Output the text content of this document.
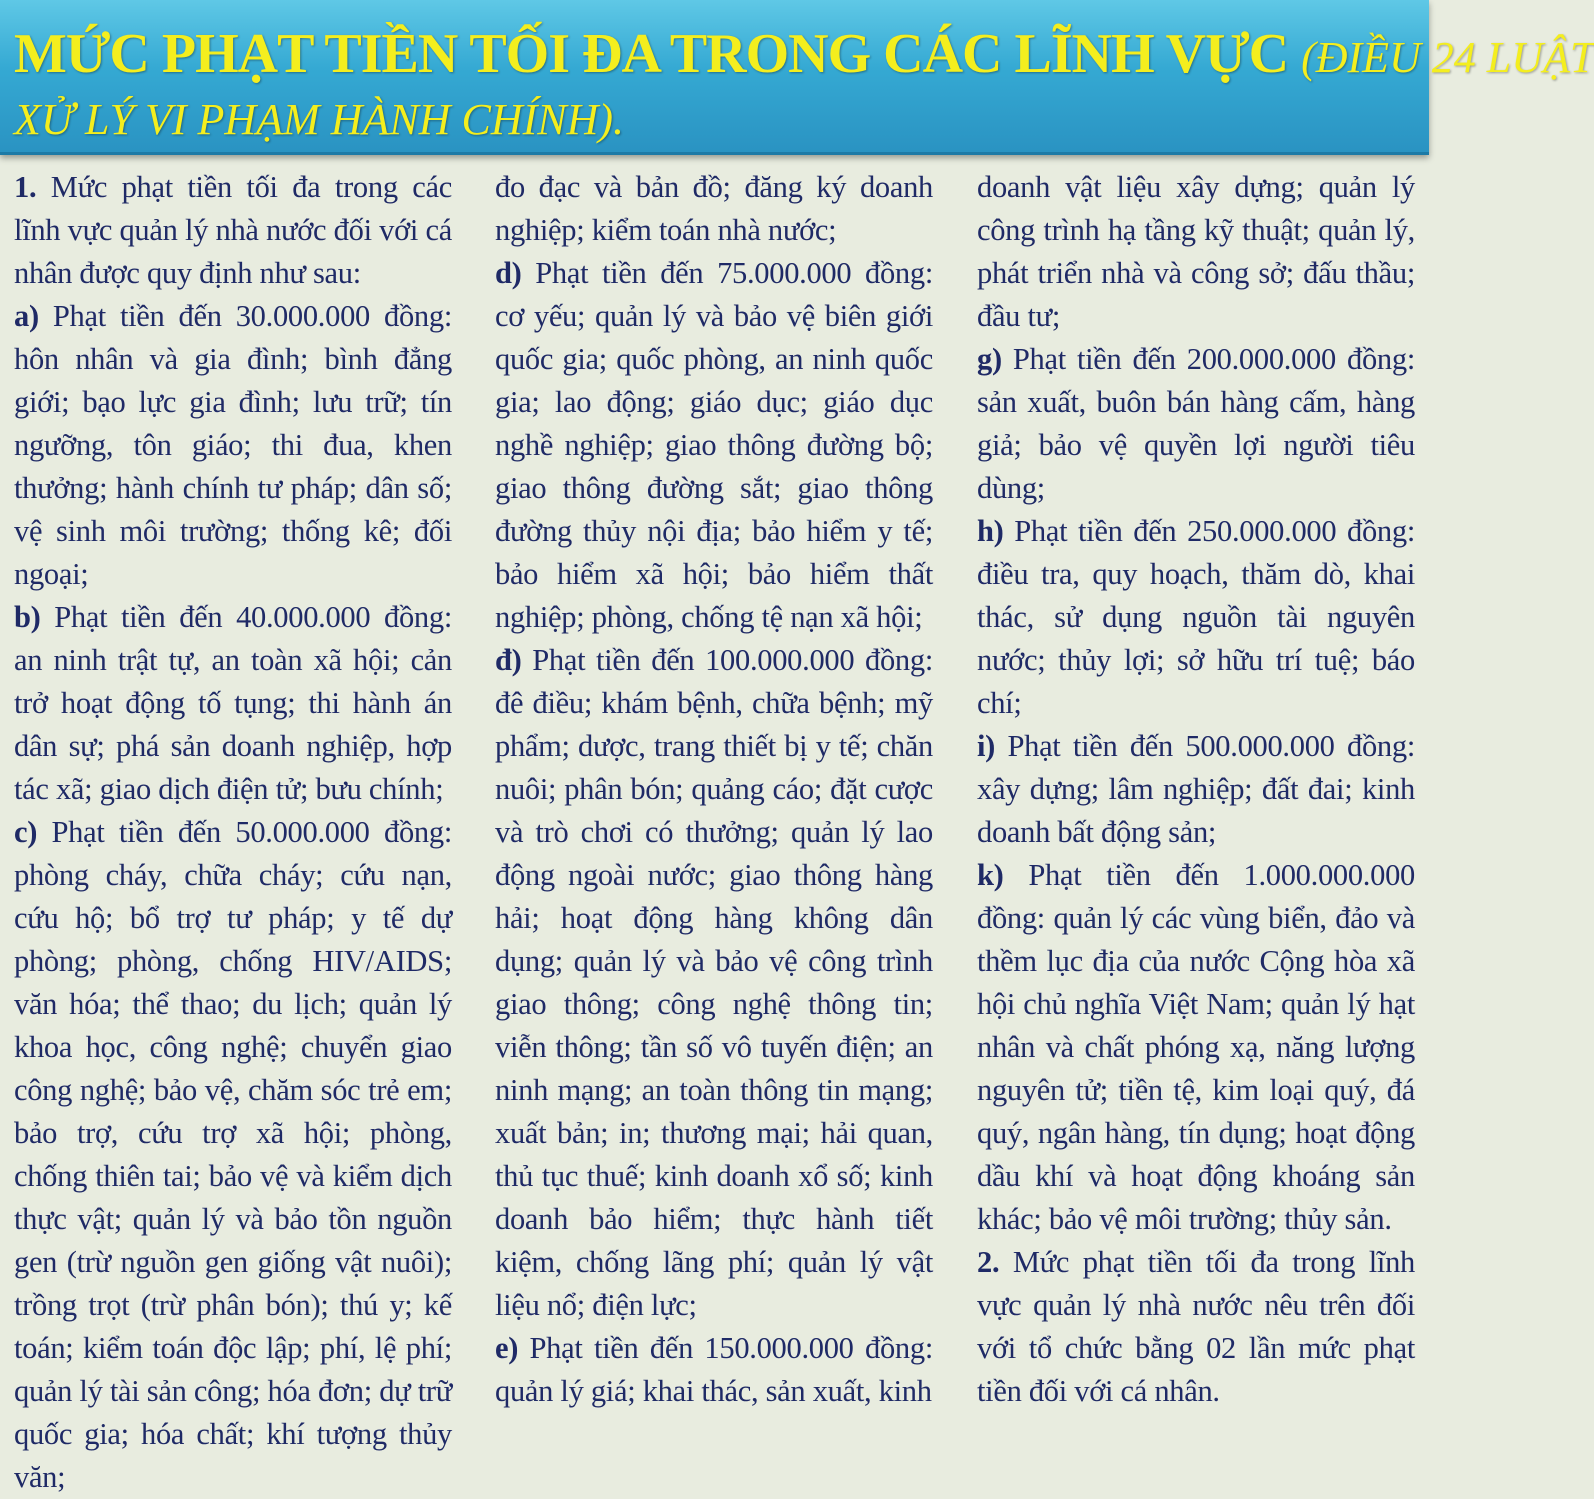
MỨC PHẠT TIỀN TỐI ĐA TRONG CÁC LĨNH VỰC (ĐIỀU 24 LUẬT
XỬ LÝ VI PHẠM HÀNH CHÍNH).

1. Mức phạt tiền tối đa trong các lĩnh vực quản lý nhà nước đối với cá nhân được quy định như sau:

a) Phạt tiền đến 30.000.000 đồng: hôn nhân và gia đình; bình đẳng giới; bạo lực gia đình; lưu trữ; tín ngưỡng, tôn giáo; thi đua, khen thưởng; hành chính tư pháp; dân số; vệ sinh môi trường; thống kê; đối ngoại;

b) Phạt tiền đến 40.000.000 đồng: an ninh trật tự, an toàn xã hội; cản trở hoạt động tố tụng; thi hành án dân sự; phá sản doanh nghiệp, hợp tác xã; giao dịch điện tử; bưu chính;

c) Phạt tiền đến 50.000.000 đồng: phòng cháy, chữa cháy; cứu nạn, cứu hộ; bổ trợ tư pháp; y tế dự phòng; phòng, chống HIV/AIDS; văn hóa; thể thao; du lịch; quản lý khoa học, công nghệ; chuyển giao công nghệ; bảo vệ, chăm sóc trẻ em; bảo trợ, cứu trợ xã hội; phòng, chống thiên tai; bảo vệ và kiểm dịch thực vật; quản lý và bảo tồn nguồn gen (trừ nguồn gen giống vật nuôi); trồng trọt (trừ phân bón); thú y; kế toán; kiểm toán độc lập; phí, lệ phí; quản lý tài sản công; hóa đơn; dự trữ quốc gia; hóa chất; khí tượng thủy văn;

đo đạc và bản đồ; đăng ký doanh nghiệp; kiểm toán nhà nước;

d) Phạt tiền đến 75.000.000 đồng: cơ yếu; quản lý và bảo vệ biên giới quốc gia; quốc phòng, an ninh quốc gia; lao động; giáo dục; giáo dục nghề nghiệp; giao thông đường bộ; giao thông đường sắt; giao thông đường thủy nội địa; bảo hiểm y tế; bảo hiểm xã hội; bảo hiểm thất nghiệp; phòng, chống tệ nạn xã hội;

đ) Phạt tiền đến 100.000.000 đồng: đê điều; khám bệnh, chữa bệnh; mỹ phẩm; dược, trang thiết bị y tế; chăn nuôi; phân bón; quảng cáo; đặt cược và trò chơi có thưởng; quản lý lao động ngoài nước; giao thông hàng hải; hoạt động hàng không dân dụng; quản lý và bảo vệ công trình giao thông; công nghệ thông tin; viễn thông; tần số vô tuyến điện; an ninh mạng; an toàn thông tin mạng; xuất bản; in; thương mại; hải quan, thủ tục thuế; kinh doanh xổ số; kinh doanh bảo hiểm; thực hành tiết kiệm, chống lãng phí; quản lý vật liệu nổ; điện lực;

e) Phạt tiền đến 150.000.000 đồng: quản lý giá; khai thác, sản xuất, kinh

doanh vật liệu xây dựng; quản lý công trình hạ tầng kỹ thuật; quản lý, phát triển nhà và công sở; đấu thầu; đầu tư;

g) Phạt tiền đến 200.000.000 đồng: sản xuất, buôn bán hàng cấm, hàng giả; bảo vệ quyền lợi người tiêu dùng;

h) Phạt tiền đến 250.000.000 đồng: điều tra, quy hoạch, thăm dò, khai thác, sử dụng nguồn tài nguyên nước; thủy lợi; sở hữu trí tuệ; báo chí;

i) Phạt tiền đến 500.000.000 đồng: xây dựng; lâm nghiệp; đất đai; kinh doanh bất động sản;

k) Phạt tiền đến 1.000.000.000 đồng: quản lý các vùng biển, đảo và thềm lục địa của nước Cộng hòa xã hội chủ nghĩa Việt Nam; quản lý hạt nhân và chất phóng xạ, năng lượng nguyên tử; tiền tệ, kim loại quý, đá quý, ngân hàng, tín dụng; hoạt động dầu khí và hoạt động khoáng sản khác; bảo vệ môi trường; thủy sản.

2. Mức phạt tiền tối đa trong lĩnh vực quản lý nhà nước nêu trên đối với tổ chức bằng 02 lần mức phạt tiền đối với cá nhân.
